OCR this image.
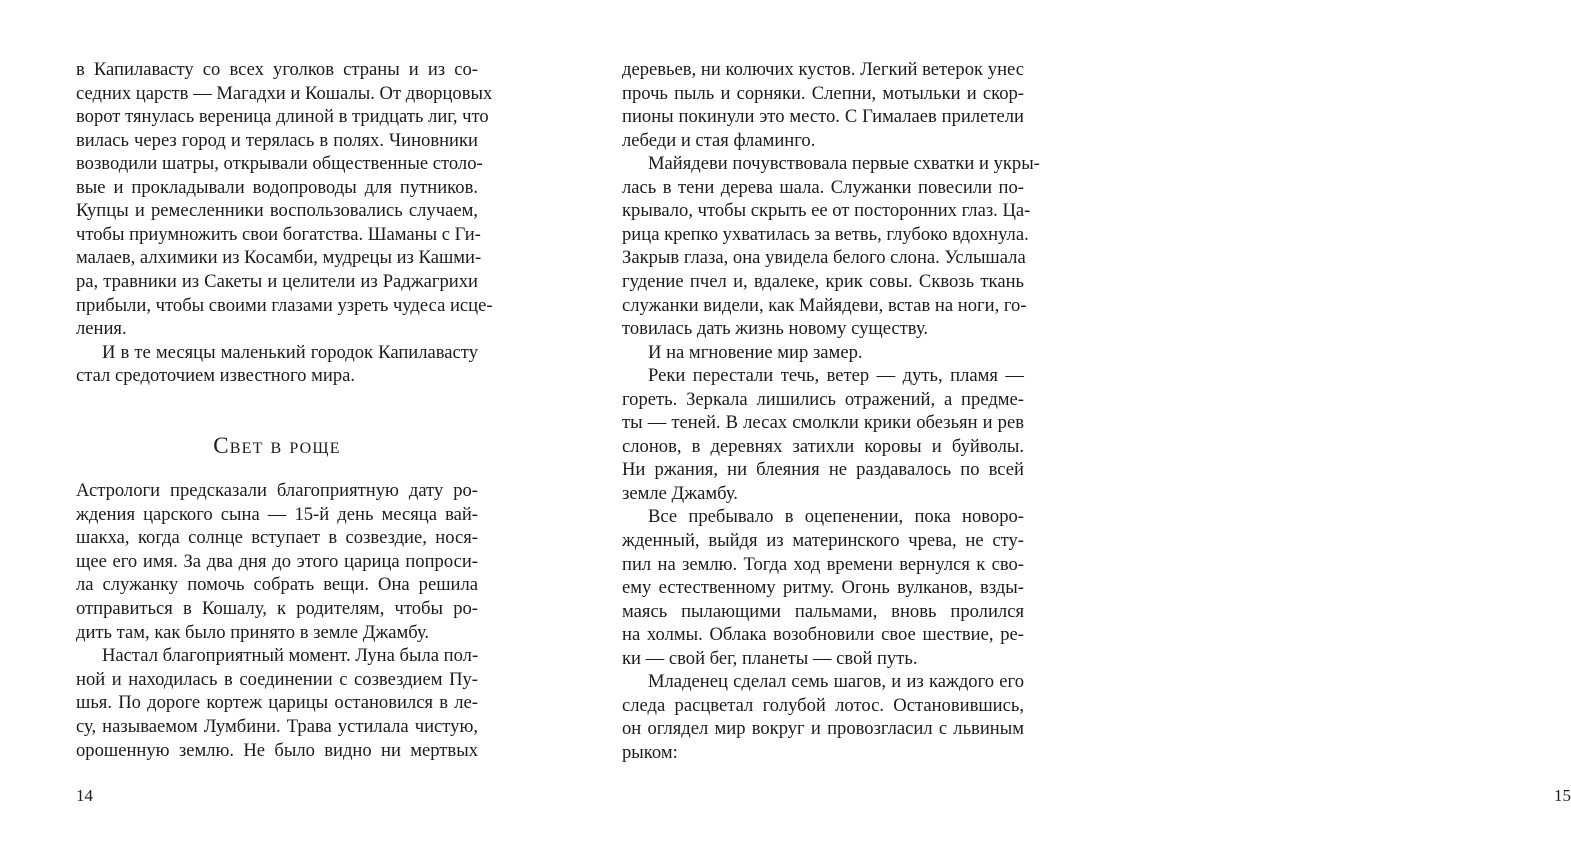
в Капилавасту со всех уголков страны и из со-
седних царств — Магадхи и Кошалы. От дворцовых
ворот тянулась вереница длиной в тридцать лиг, что
вилась через город и терялась в полях. Чиновники
возводили шатры, открывали общественные столо-
вые и прокладывали водопроводы для путников.
Купцы и ремесленники воспользовались случаем,
чтобы приумножить свои богатства. Шаманы с Ги-
малаев, алхимики из Косамби, мудрецы из Кашми-
ра, травники из Сакеты и целители из Раджагрихи
прибыли, чтобы своими глазами узреть чудеса исце-
ления.
И в те месяцы маленький городок Капилавасту
стал средоточием известного мира.
Свет в роще
Астрологи предсказали благоприятную дату ро-
ждения царского сына — 15-й день месяца вай-
шакха, когда солнце вступает в созвездие, нося-
щее его имя. За два дня до этого царица попроси-
ла служанку помочь собрать вещи. Она решила
отправиться в Кошалу, к родителям, чтобы ро-
дить там, как было принято в земле Джамбу.
Настал благоприятный момент. Луна была пол-
ной и находилась в соединении с созвездием Пу-
шья. По дороге кортеж царицы остановился в ле-
су, называемом Лумбини. Трава устилала чистую,
орошенную землю. Не было видно ни мертвых
14
деревьев, ни колючих кустов. Легкий ветерок унес
прочь пыль и сорняки. Слепни, мотыльки и скор-
пионы покинули это место. С Гималаев прилетели
лебеди и стая фламинго.
Майядеви почувствовала первые схватки и укры-
лась в тени дерева шала. Служанки повесили по-
крывало, чтобы скрыть ее от посторонних глаз. Ца-
рица крепко ухватилась за ветвь, глубоко вдохнула.
Закрыв глаза, она увидела белого слона. Услышала
гудение пчел и, вдалеке, крик совы. Сквозь ткань
служанки видели, как Майядеви, встав на ноги, го-
товилась дать жизнь новому существу.
И на мгновение мир замер.
Реки перестали течь, ветер — дуть, пламя —
гореть. Зеркала лишились отражений, а предме-
ты — теней. В лесах смолкли крики обезьян и рев
слонов, в деревнях затихли коровы и буйволы.
Ни ржания, ни блеяния не раздавалось по всей
земле Джамбу.
Все пребывало в оцепенении, пока новоро-
жденный, выйдя из материнского чрева, не сту-
пил на землю. Тогда ход времени вернулся к сво-
ему естественному ритму. Огонь вулканов, взды-
маясь пылающими пальмами, вновь пролился
на холмы. Облака возобновили свое шествие, ре-
ки — свой бег, планеты — свой путь.
Младенец сделал семь шагов, и из каждого его
следа расцветал голубой лотос. Остановившись,
он оглядел мир вокруг и провозгласил с львиным
рыком:
15
